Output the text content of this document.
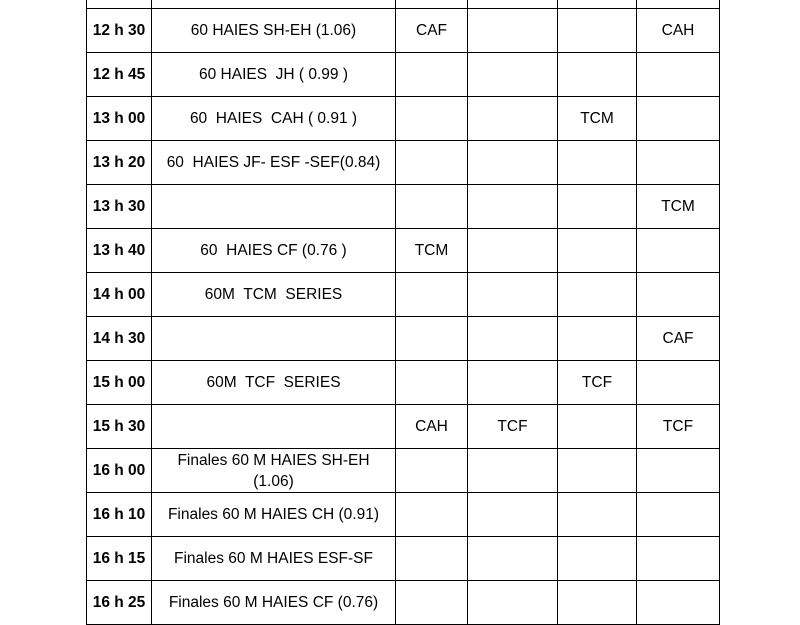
12 h 30	60 HAIES SH-EH (1.06)	CAF			CAH
12 h 45	60 HAIES  JH ( 0.99 )				
13 h 00	60  HAIES  CAH ( 0.91 )			TCM	
13 h 20	60  HAIES JF- ESF -SEF(0.84)				
13 h 30					TCM
13 h 40	60  HAIES CF (0.76 )	TCM			
14 h 00	60M  TCM  SERIES				
14 h 30					CAF
15 h 00	60M  TCF  SERIES			TCF	
15 h 30		CAH	TCF		TCF
16 h 00	Finales 60 M HAIES SH-EH
(1.06)				
16 h 10	Finales 60 M HAIES CH (0.91)				
16 h 15	Finales 60 M HAIES ESF-SF				
16 h 25	Finales 60 M HAIES CF (0.76)				
